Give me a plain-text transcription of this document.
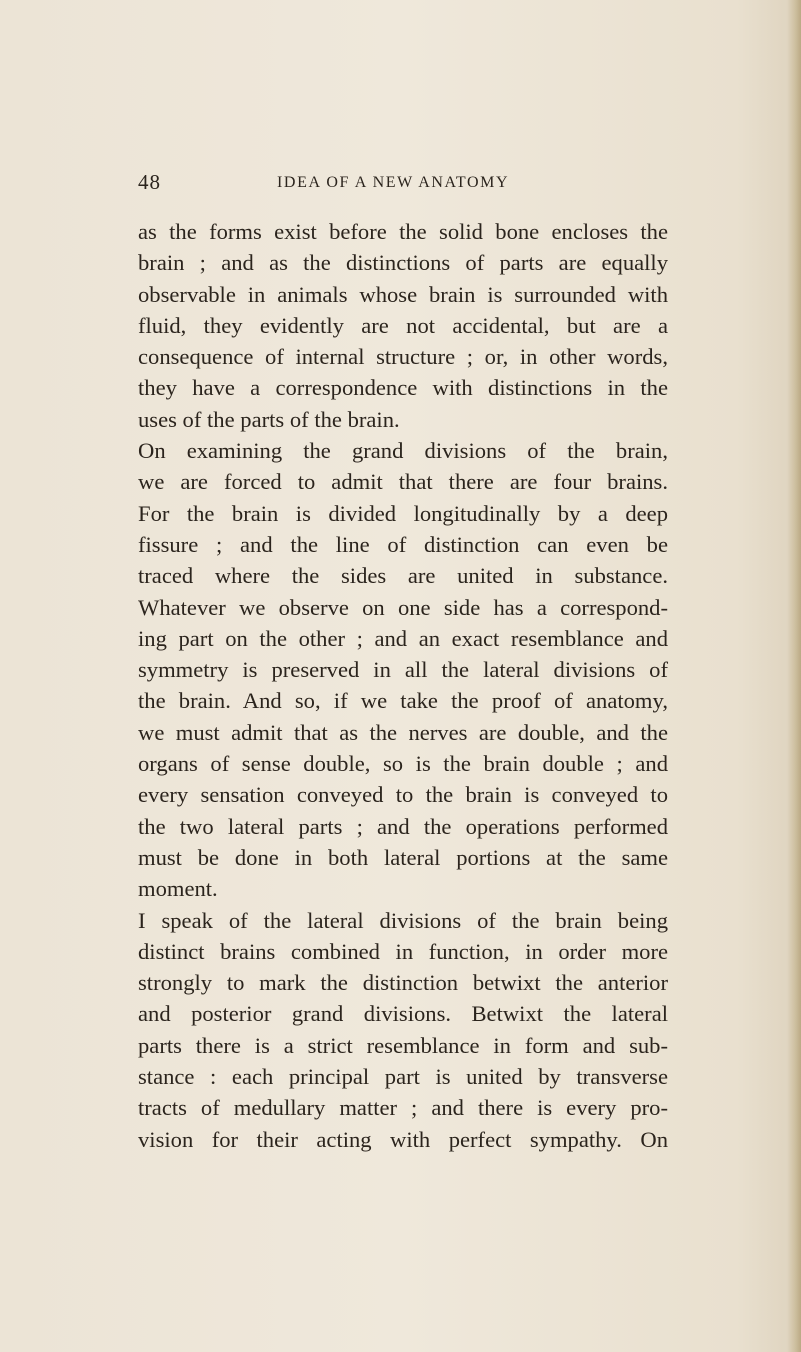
48	IDEA OF A NEW ANATOMY
as the forms exist before the solid bone encloses the
brain ; and as the distinctions of parts are equally
observable in animals whose brain is surrounded with
fluid, they evidently are not accidental, but are a
consequence of internal structure ; or, in other words,
they have a correspondence with distinctions in the
uses of the parts of the brain.
On examining the grand divisions of the brain,
we are forced to admit that there are four brains.
For the brain is divided longitudinally by a deep
fissure ; and the line of distinction can even be
traced where the sides are united in substance.
Whatever we observe on one side has a correspond-
ing part on the other ; and an exact resemblance and
symmetry is preserved in all the lateral divisions of
the brain. And so, if we take the proof of anatomy,
we must admit that as the nerves are double, and the
organs of sense double, so is the brain double ; and
every sensation conveyed to the brain is conveyed to
the two lateral parts ; and the operations performed
must be done in both lateral portions at the same
moment.
I speak of the lateral divisions of the brain being
distinct brains combined in function, in order more
strongly to mark the distinction betwixt the anterior
and posterior grand divisions. Betwixt the lateral
parts there is a strict resemblance in form and sub-
stance : each principal part is united by transverse
tracts of medullary matter ; and there is every pro-
vision for their acting with perfect sympathy. On
